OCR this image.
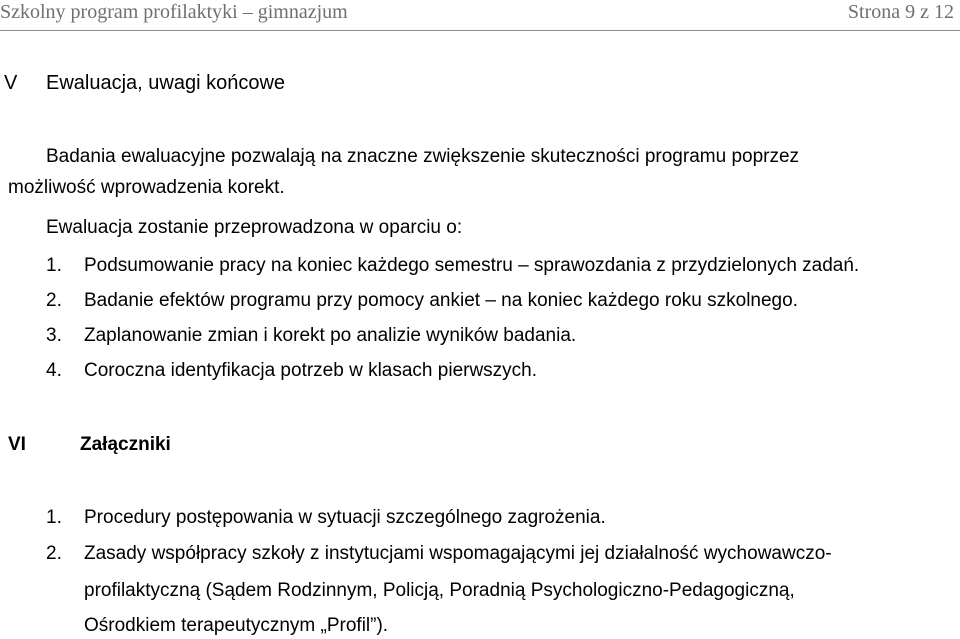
Szkolny program profilaktyki – gimnazjum	Strona 9 z 12
V Ewaluacja, uwagi końcowe
Badania ewaluacyjne pozwalają na znaczne zwiększenie skuteczności programu poprzez
możliwość wprowadzenia korekt.
Ewaluacja zostanie przeprowadzona w oparciu o:
1. Podsumowanie pracy na koniec każdego semestru – sprawozdania z przydzielonych zadań.
2. Badanie efektów programu przy pomocy ankiet – na koniec każdego roku szkolnego.
3. Zaplanowanie zmian i korekt po analizie wyników badania.
4. Coroczna identyfikacja potrzeb w klasach pierwszych.
VI	Załączniki
1. Procedury postępowania w sytuacji szczególnego zagrożenia.
2. Zasady współpracy szkoły z instytucjami wspomagającymi jej działalność wychowawczo-
profilaktyczną (Sądem Rodzinnym, Policją, Poradnią Psychologiczno-Pedagogiczną,
Ośrodkiem terapeutycznym „Profil”).
